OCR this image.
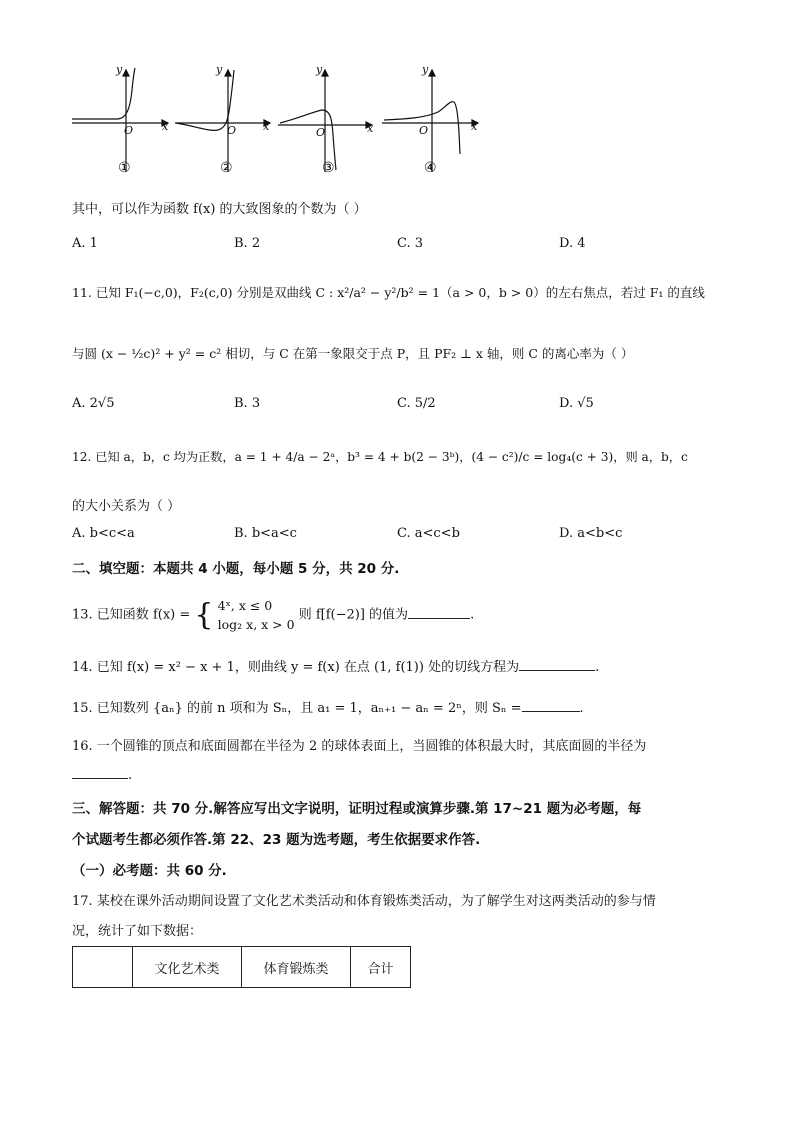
y	y	y	y
x	x	x	x
O	O	O	O
①	②	③	④
其中，可以作为函数 f(x) 的大致图象的个数为（ ）
A. 1	B. 2	C. 3	D. 4
11. 已知 F₁(−c,0)，F₂(c,0) 分别是双曲线 C : x²/a² − y²/b² = 1（a > 0，b > 0）的左右焦点，若过 F₁ 的直线
与圆 (x − ½c)² + y² = c² 相切，与 C 在第一象限交于点 P，且 PF₂ ⊥ x 轴，则 C 的离心率为（ ）
A. 2√5	B. 3	C. 5/2	D. √5
12. 已知 a，b，c 均为正数，a = 1 + 4/a − 2ᵃ，b³ = 4 + b(2 − 3ᵇ)，(4 − c²)/c = log₄(c + 3)，则 a，b，c
的大小关系为（ ）
A. b<c<a	B. b<a<c	C. a<c<b	D. a<b<c
二、填空题：本题共 4 小题，每小题 5 分，共 20 分.
13. 已知函数 f(x) = { 4ˣ, x ≤ 0
log₂ x, x > 0
则 f[f(−2)] 的值为	.
14. 已知 f(x) = x² − x + 1，则曲线 y = f(x) 在点 (1, f(1)) 处的切线方程为	.
15. 已知数列 {aₙ} 的前 n 项和为 Sₙ，且 a₁ = 1，aₙ₊₁ − aₙ = 2ⁿ，则 Sₙ =	.
16. 一个圆锥的顶点和底面圆都在半径为 2 的球体表面上，当圆锥的体积最大时，其底面圆的半径为
.
三、解答题：共 70 分.解答应写出文字说明，证明过程或演算步骤.第 17~21 题为必考题，每
个试题考生都必须作答.第 22、23 题为选考题，考生依据要求作答.
（一）必考题：共 60 分.
17. 某校在课外活动期间设置了文化艺术类活动和体育锻炼类活动，为了解学生对这两类活动的参与情
况，统计了如下数据：
	文化艺术类	体育锻炼类	合计
